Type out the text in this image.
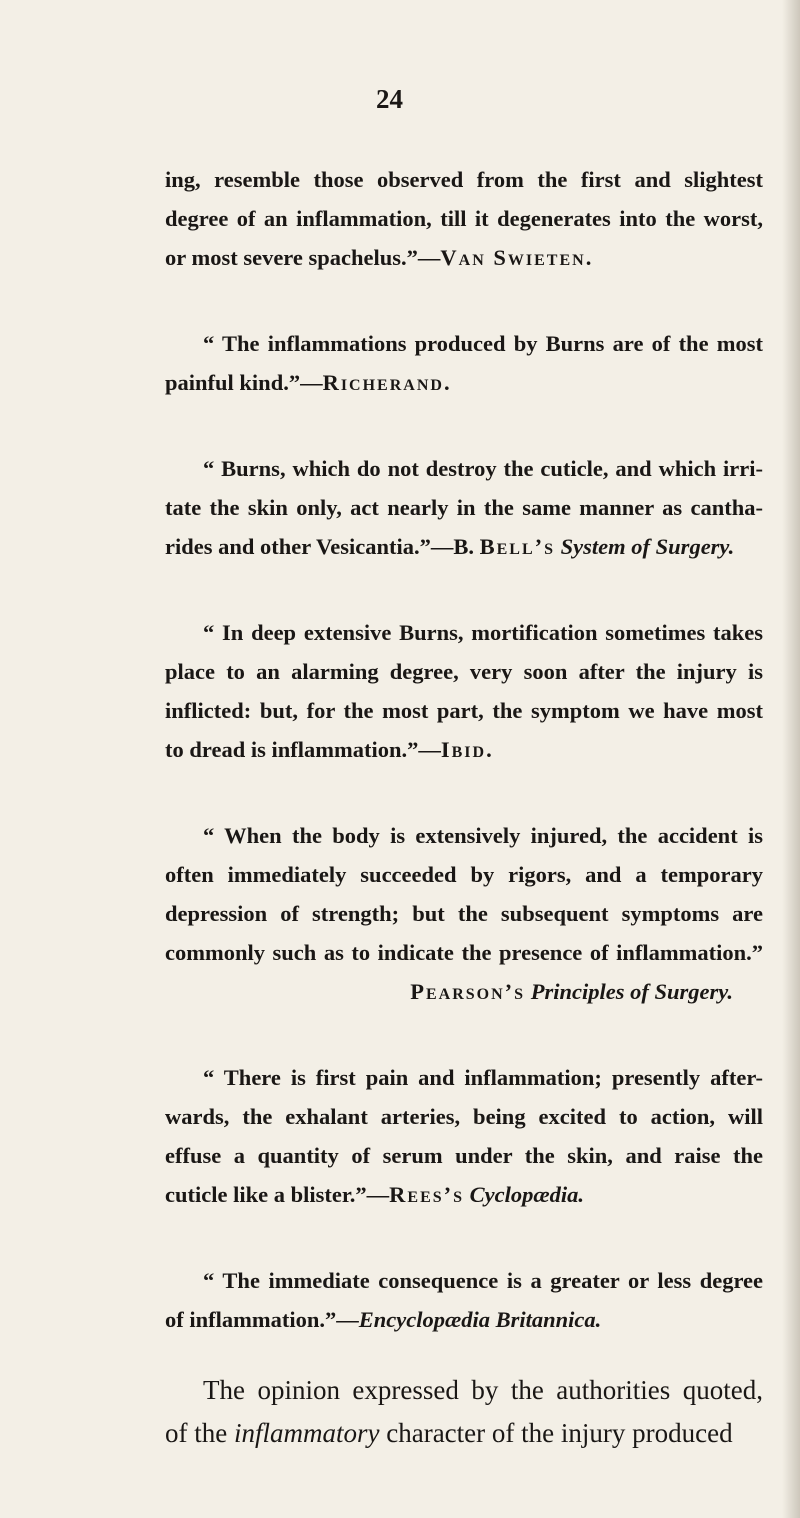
24

ing, resemble those observed from the first and slightest
degree of an inflammation, till it degenerates into the worst,
or most severe spachelus.”—Van Swieten.

“ The inflammations produced by Burns are of the most
painful kind.”—Richerand.

“ Burns, which do not destroy the cuticle, and which irri-
tate the skin only, act nearly in the same manner as cantha-
rides and other Vesicantia.”—B. Bell’s System of Surgery.

“ In deep extensive Burns, mortification sometimes takes
place to an alarming degree, very soon after the injury is
inflicted: but, for the most part, the symptom we have most
to dread is inflammation.”—Ibid.

“ When the body is extensively injured, the accident is
often immediately succeeded by rigors, and a temporary
depression of strength; but the subsequent symptoms are
commonly such as to indicate the presence of inflammation.”
Pearson’s Principles of Surgery.

“ There is first pain and inflammation; presently after-
wards, the exhalant arteries, being excited to action, will
effuse a quantity of serum under the skin, and raise the
cuticle like a blister.”—Rees’s Cyclopædia.

“ The immediate consequence is a greater or less degree
of inflammation.”—Encyclopædia Britannica.

The opinion expressed by the authorities quoted,
of the inflammatory character of the injury produced
